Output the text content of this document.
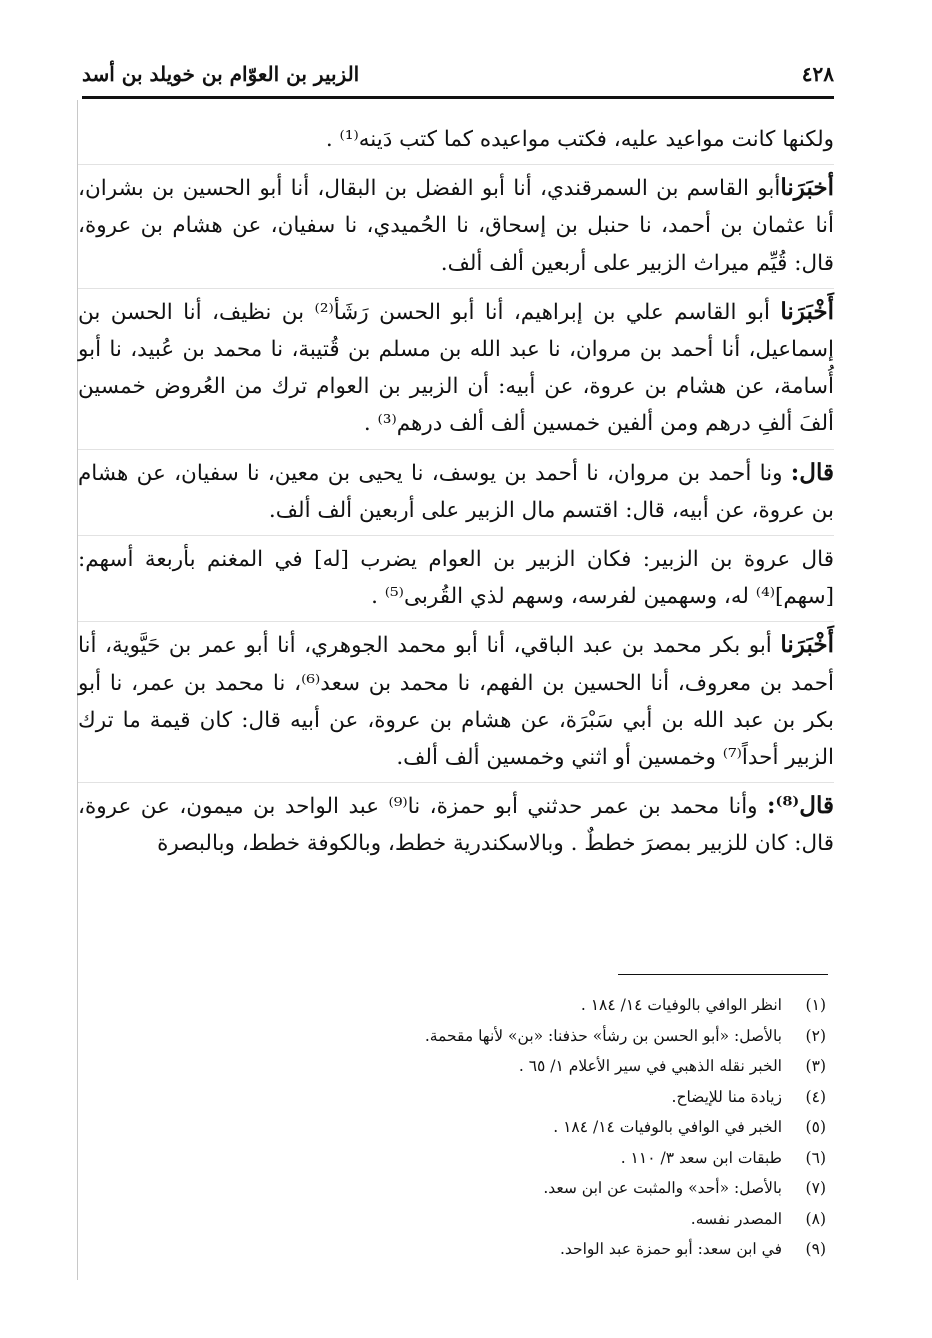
٤٢٨
الزبير بن العوّام بن خويلد بن أسد

ولكنها كانت مواعيد عليه، فكتب مواعيده كما كتب دَينه⁽¹⁾ .

أخبَرَناأبو القاسم بن السمرقندي، أنا أبو الفضل بن البقال، أنا أبو الحسين بن بشران، أنا عثمان بن أحمد، نا حنبل بن إسحاق، نا الحُميدي، نا سفيان، عن هشام بن عروة، قال: قُيِّم ميراث الزبير على أربعين ألف ألف.

أَخْبَرَنا أبو القاسم علي بن إبراهيم، أنا أبو الحسن رَشَأ⁽²⁾ بن نظيف، أنا الحسن بن إسماعيل، أنا أحمد بن مروان، نا عبد الله بن مسلم بن قُتيبة، نا محمد بن عُبيد، نا أبو أُسامة، عن هشام بن عروة، عن أبيه: أن الزبير بن العوام ترك من العُروض خمسين ألفَ ألفِ درهم ومن ألفين خمسين ألف ألف درهم⁽³⁾ .

قال: ونا أحمد بن مروان، نا أحمد بن يوسف، نا يحيى بن معين، نا سفيان، عن هشام بن عروة، عن أبيه، قال: اقتسم مال الزبير على أربعين ألف ألف.

قال عروة بن الزبير: فكان الزبير بن العوام يضرب [له] في المغنم بأربعة أسهم: [سهم]⁽⁴⁾ له، وسهمين لفرسه، وسهم لذي القُربى⁽⁵⁾ .

أَخْبَرَنا أبو بكر محمد بن عبد الباقي، أنا أبو محمد الجوهري، أنا أبو عمر بن حَيَّوية، أنا أحمد بن معروف، أنا الحسين بن الفهم، نا محمد بن سعد⁽⁶⁾، نا محمد بن عمر، نا أبو بكر بن عبد الله بن أبي سَبْرَة، عن هشام بن عروة، عن أبيه قال: كان قيمة ما ترك الزبير أحداً⁽⁷⁾ وخمسين أو اثني وخمسين ألف ألف.

قال⁽⁸⁾: وأنا محمد بن عمر حدثني أبو حمزة، نا⁽⁹⁾ عبد الواحد بن ميمون، عن عروة، قال: كان للزبير بمصرَ خططٌ . وبالاسكندرية خطط، وبالكوفة خطط، وبالبصرة

(١)
انظر الوافي بالوفيات ١٤/ ١٨٤ .
(٢)
بالأصل: «أبو الحسن بن رشأ» حذفنا: «بن» لأنها مقحمة.
(٣)
الخبر نقله الذهبي في سير الأعلام ١/ ٦٥ .
(٤)
زيادة منا للإيضاح.
(٥)
الخبر في الوافي بالوفيات ١٤/ ١٨٤ .
(٦)
طبقات ابن سعد ٣/ ١١٠ .
(٧)
بالأصل: «أحد» والمثبت عن ابن سعد.
(٨)
المصدر نفسه.
(٩)
في ابن سعد: أبو حمزة عبد الواحد.
